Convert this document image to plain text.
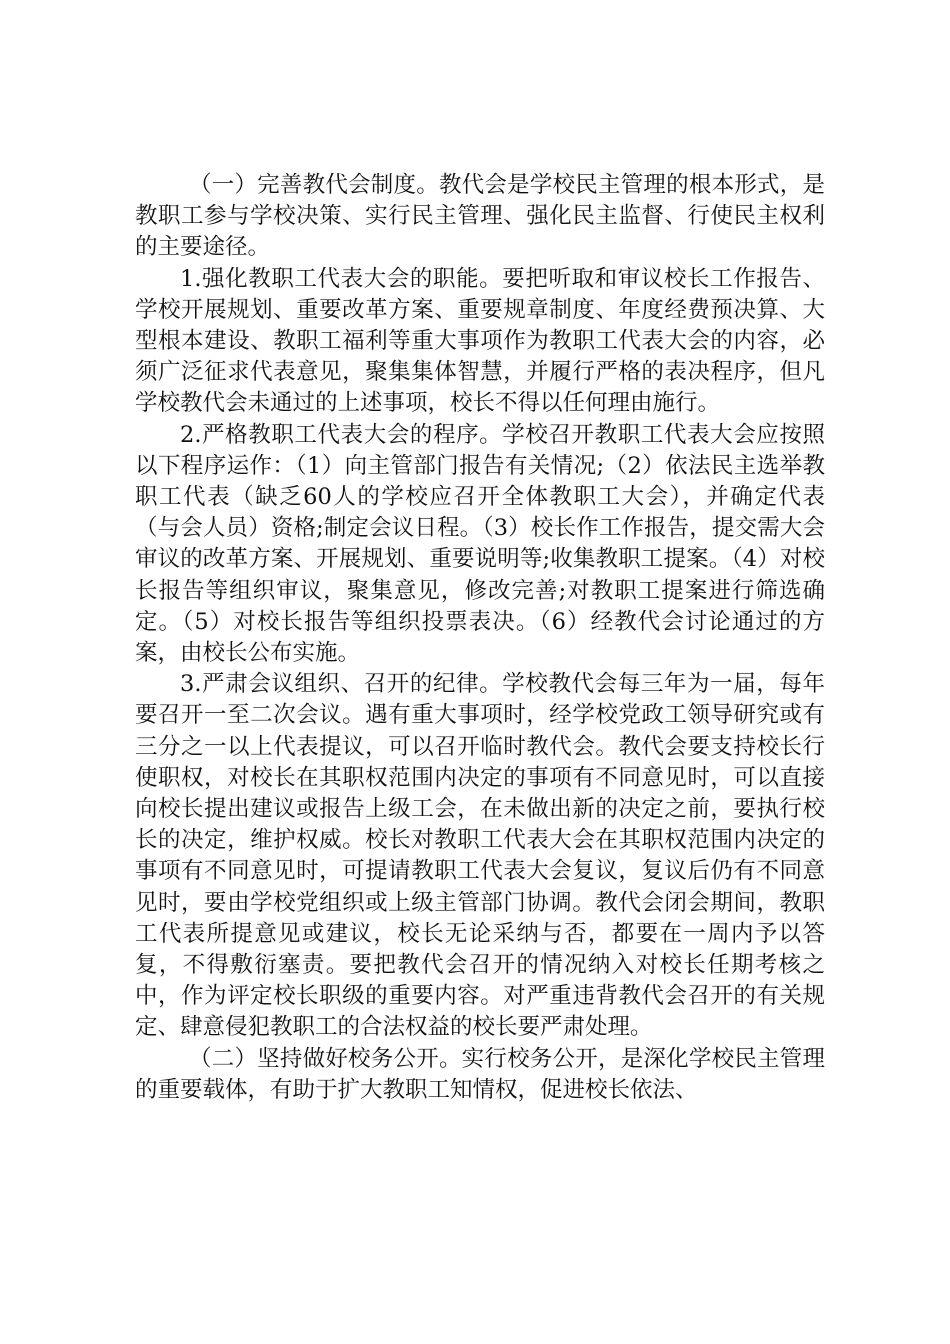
（一）完善教代会制度。教代会是学校民主管理的根本形式，是教职工参与学校决策、实行民主管理、强化民主监督、行使民主权利的主要途径。

1.强化教职工代表大会的职能。要把听取和审议校长工作报告、学校开展规划、重要改革方案、重要规章制度、年度经费预决算、大型根本建设、教职工福利等重大事项作为教职工代表大会的内容，必须广泛征求代表意见，聚集集体智慧，并履行严格的表决程序，但凡学校教代会未通过的上述事项，校长不得以任何理由施行。

2.严格教职工代表大会的程序。学校召开教职工代表大会应按照以下程序运作：（1）向主管部门报告有关情况;（2）依法民主选举教职工代表（缺乏60人的学校应召开全体教职工大会），并确定代表（与会人员）资格;制定会议日程。（3）校长作工作报告，提交需大会审议的改革方案、开展规划、重要说明等;收集教职工提案。（4）对校长报告等组织审议，聚集意见，修改完善;对教职工提案进行筛选确定。（5）对校长报告等组织投票表决。（6）经教代会讨论通过的方案，由校长公布实施。

3.严肃会议组织、召开的纪律。学校教代会每三年为一届，每年要召开一至二次会议。遇有重大事项时，经学校党政工领导研究或有三分之一以上代表提议，可以召开临时教代会。教代会要支持校长行使职权，对校长在其职权范围内决定的事项有不同意见时，可以直接向校长提出建议或报告上级工会，在未做出新的决定之前，要执行校长的决定，维护权威。校长对教职工代表大会在其职权范围内决定的事项有不同意见时，可提请教职工代表大会复议，复议后仍有不同意见时，要由学校党组织或上级主管部门协调。教代会闭会期间，教职工代表所提意见或建议，校长无论采纳与否，都要在一周内予以答复，不得敷衍塞责。要把教代会召开的情况纳入对校长任期考核之中，作为评定校长职级的重要内容。对严重违背教代会召开的有关规定、肆意侵犯教职工的合法权益的校长要严肃处理。

（二）坚持做好校务公开。实行校务公开，是深化学校民主管理的重要载体，有助于扩大教职工知情权，促进校长依法、
